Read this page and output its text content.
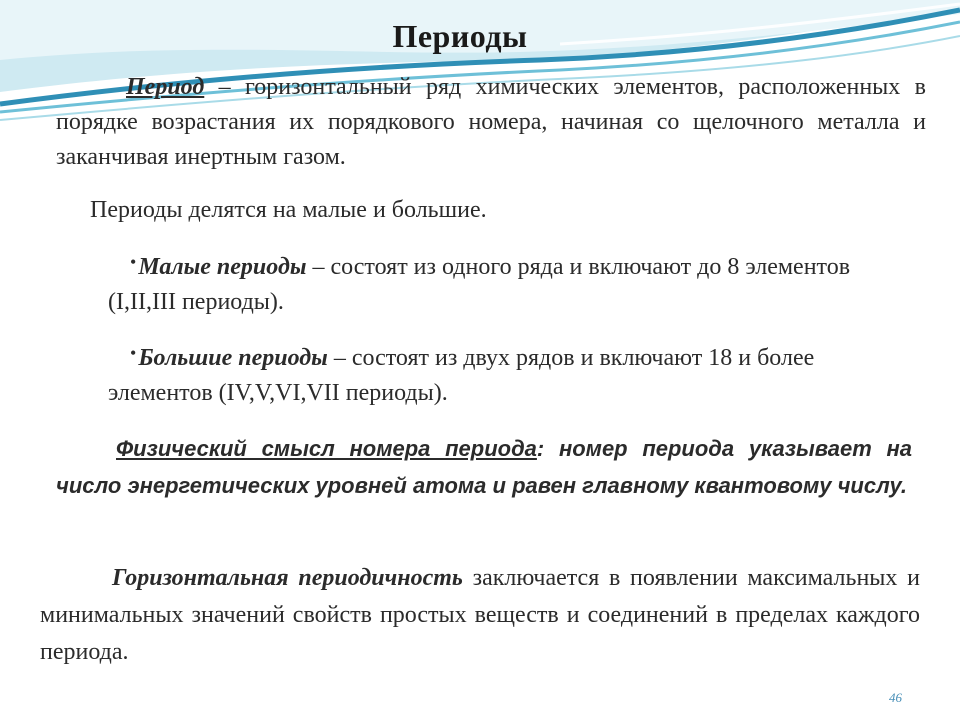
Периоды
Период – горизонтальный ряд химических элементов, расположенных в порядке возрастания их порядкового номера, начиная со щелочного металла и заканчивая инертным газом.
Периоды делятся на малые и большие.
•Малые периоды – состоят из одного ряда и включают до 8 элементов (I,II,III периоды).
•Большие периоды – состоят из двух рядов и включают 18 и более элементов (IV,V,VI,VII периоды).
Физический смысл номера периода: номер периода указывает на число энергетических уровней атома и равен главному квантовому числу.
Горизонтальная периодичность заключается в появлении максимальных и минимальных значений свойств простых веществ и соединений в пределах каждого периода.
46
